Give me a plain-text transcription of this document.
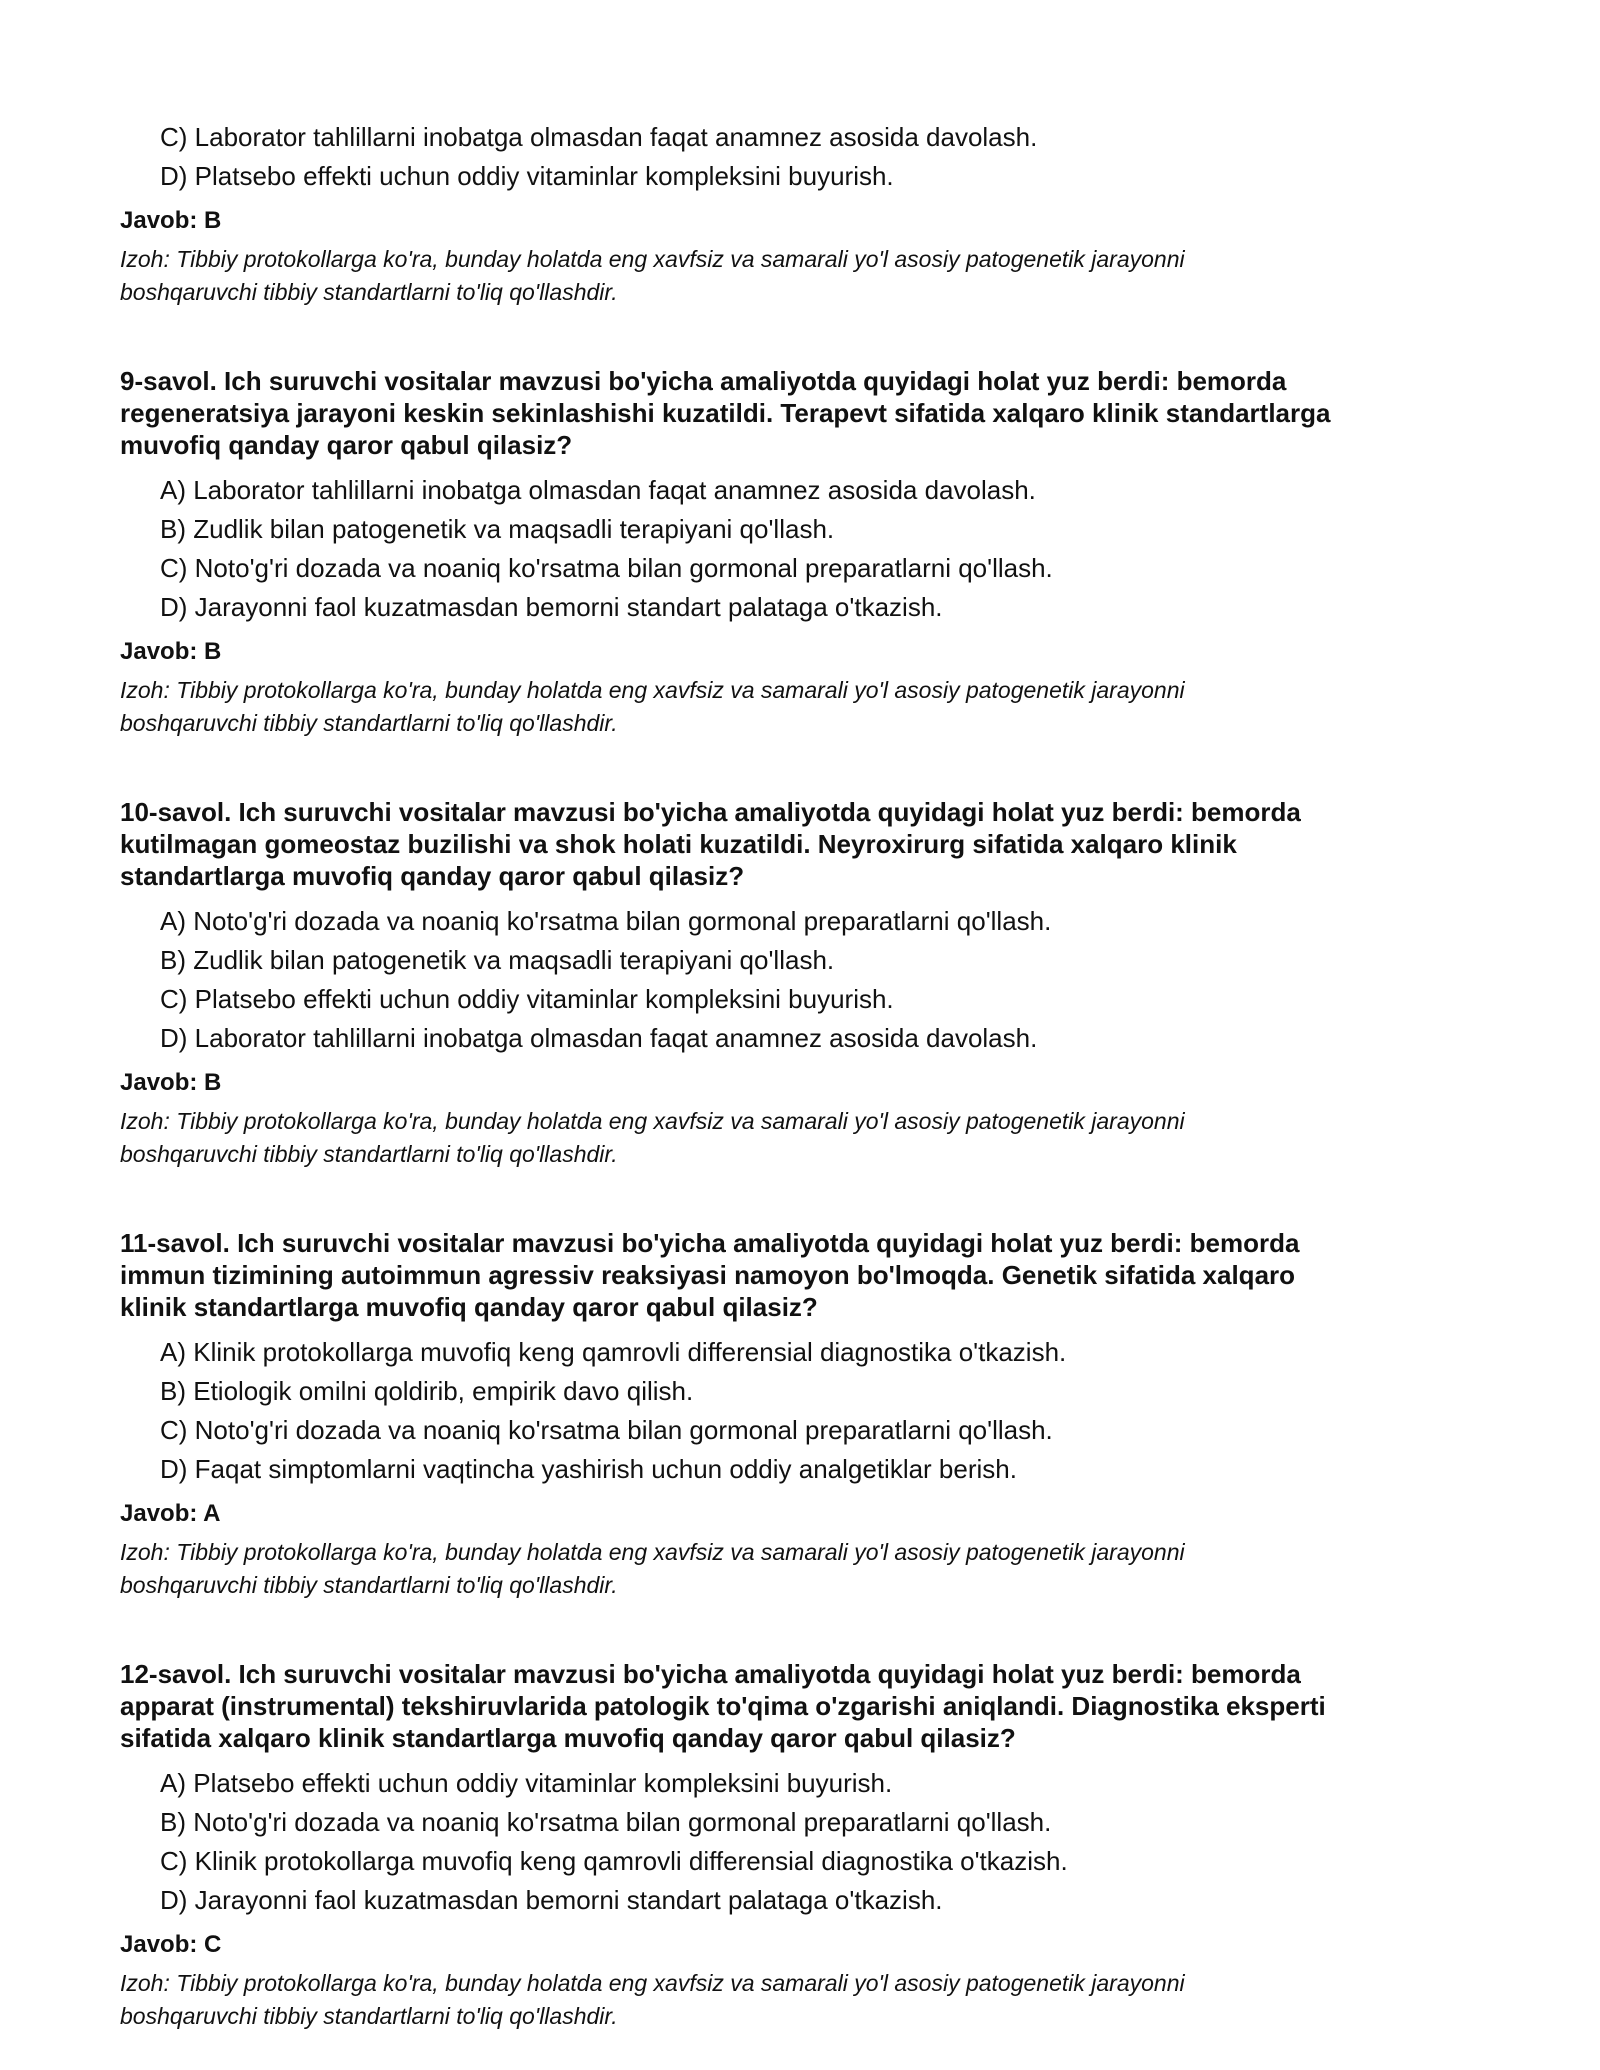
C) Laborator tahlillarni inobatga olmasdan faqat anamnez asosida davolash.

D) Platsebo effekti uchun oddiy vitaminlar kompleksini buyurish.

Javob: B
Izoh: Tibbiy protokollarga ko'ra, bunday holatda eng xavfsiz va samarali yo'l asosiy patogenetik jarayonni
boshqaruvchi tibbiy standartlarni to'liq qo'llashdir.
9-savol. Ich suruvchi vositalar mavzusi bo'yicha amaliyotda quyidagi holat yuz berdi: bemorda
regeneratsiya jarayoni keskin sekinlashishi kuzatildi. Terapevt sifatida xalqaro klinik standartlarga
muvofiq qanday qaror qabul qilasiz?

A) Laborator tahlillarni inobatga olmasdan faqat anamnez asosida davolash.

B) Zudlik bilan patogenetik va maqsadli terapiyani qo'llash.

C) Noto'g'ri dozada va noaniq ko'rsatma bilan gormonal preparatlarni qo'llash.

D) Jarayonni faol kuzatmasdan bemorni standart palataga o'tkazish.

Javob: B
Izoh: Tibbiy protokollarga ko'ra, bunday holatda eng xavfsiz va samarali yo'l asosiy patogenetik jarayonni
boshqaruvchi tibbiy standartlarni to'liq qo'llashdir.
10-savol. Ich suruvchi vositalar mavzusi bo'yicha amaliyotda quyidagi holat yuz berdi: bemorda
kutilmagan gomeostaz buzilishi va shok holati kuzatildi. Neyroxirurg sifatida xalqaro klinik
standartlarga muvofiq qanday qaror qabul qilasiz?

A) Noto'g'ri dozada va noaniq ko'rsatma bilan gormonal preparatlarni qo'llash.

B) Zudlik bilan patogenetik va maqsadli terapiyani qo'llash.

C) Platsebo effekti uchun oddiy vitaminlar kompleksini buyurish.

D) Laborator tahlillarni inobatga olmasdan faqat anamnez asosida davolash.

Javob: B
Izoh: Tibbiy protokollarga ko'ra, bunday holatda eng xavfsiz va samarali yo'l asosiy patogenetik jarayonni
boshqaruvchi tibbiy standartlarni to'liq qo'llashdir.
11-savol. Ich suruvchi vositalar mavzusi bo'yicha amaliyotda quyidagi holat yuz berdi: bemorda
immun tizimining autoimmun agressiv reaksiyasi namoyon bo'lmoqda. Genetik sifatida xalqaro
klinik standartlarga muvofiq qanday qaror qabul qilasiz?

A) Klinik protokollarga muvofiq keng qamrovli differensial diagnostika o'tkazish.

B) Etiologik omilni qoldirib, empirik davo qilish.

C) Noto'g'ri dozada va noaniq ko'rsatma bilan gormonal preparatlarni qo'llash.

D) Faqat simptomlarni vaqtincha yashirish uchun oddiy analgetiklar berish.

Javob: A
Izoh: Tibbiy protokollarga ko'ra, bunday holatda eng xavfsiz va samarali yo'l asosiy patogenetik jarayonni
boshqaruvchi tibbiy standartlarni to'liq qo'llashdir.
12-savol. Ich suruvchi vositalar mavzusi bo'yicha amaliyotda quyidagi holat yuz berdi: bemorda
apparat (instrumental) tekshiruvlarida patologik to'qima o'zgarishi aniqlandi. Diagnostika eksperti
sifatida xalqaro klinik standartlarga muvofiq qanday qaror qabul qilasiz?

A) Platsebo effekti uchun oddiy vitaminlar kompleksini buyurish.

B) Noto'g'ri dozada va noaniq ko'rsatma bilan gormonal preparatlarni qo'llash.

C) Klinik protokollarga muvofiq keng qamrovli differensial diagnostika o'tkazish.

D) Jarayonni faol kuzatmasdan bemorni standart palataga o'tkazish.

Javob: C
Izoh: Tibbiy protokollarga ko'ra, bunday holatda eng xavfsiz va samarali yo'l asosiy patogenetik jarayonni
boshqaruvchi tibbiy standartlarni to'liq qo'llashdir.
